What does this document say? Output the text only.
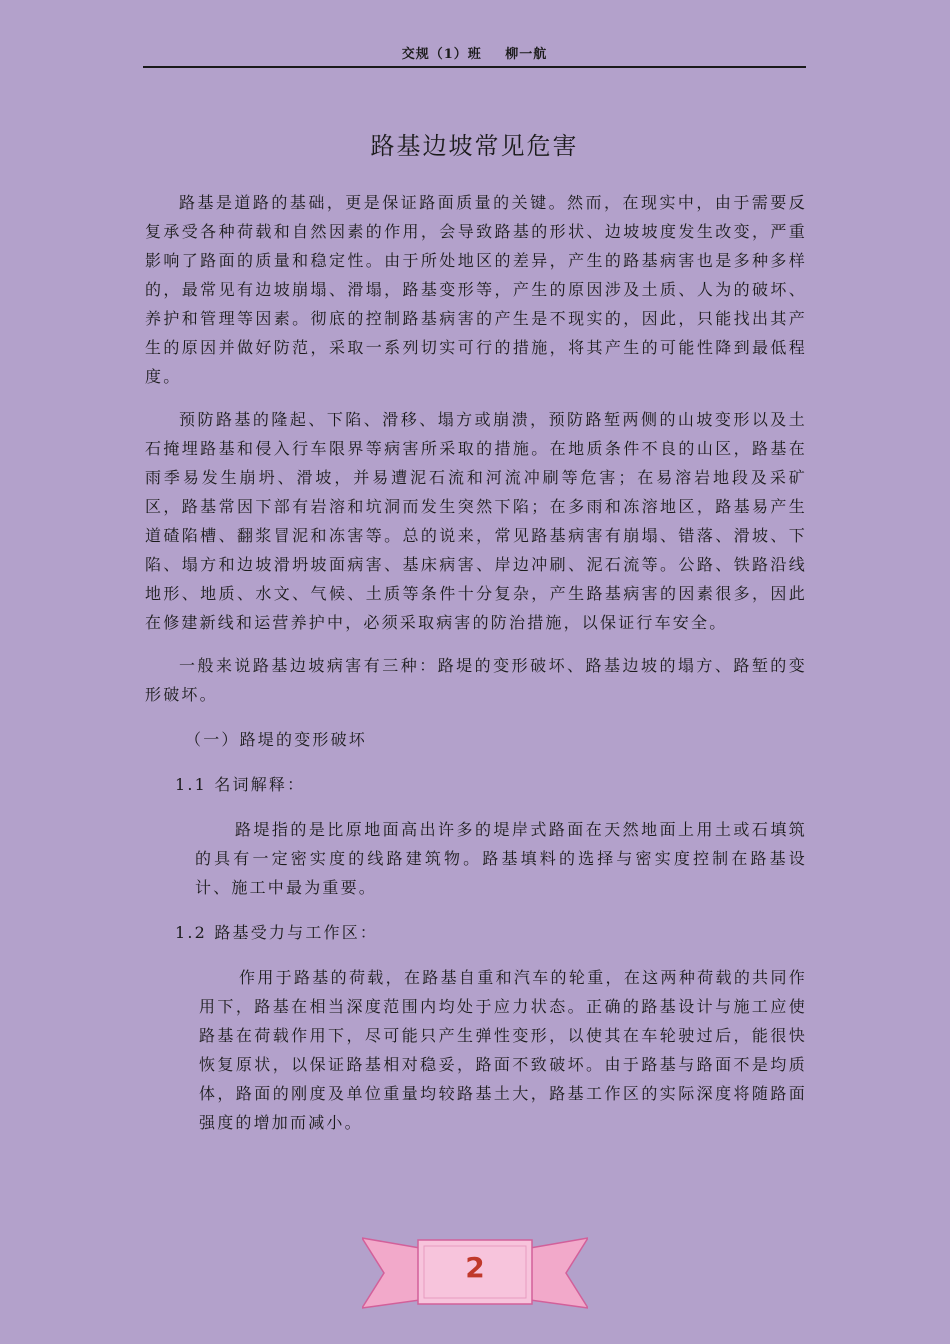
交规（1）班 柳一航
路基边坡常见危害

路基是道路的基础，更是保证路面质量的关键。然而，在现实中，由于需要反复承受各种荷载和自然因素的作用，会导致路基的形状、边坡坡度发生改变，严重影响了路面的质量和稳定性。由于所处地区的差异，产生的路基病害也是多种多样的，最常见有边坡崩塌、滑塌，路基变形等，产生的原因涉及土质、人为的破坏、养护和管理等因素。彻底的控制路基病害的产生是不现实的，因此，只能找出其产生的原因并做好防范，采取一系列切实可行的措施，将其产生的可能性降到最低程度。

预防路基的隆起、下陷、滑移、塌方或崩溃，预防路堑两侧的山坡变形以及土石掩埋路基和侵入行车限界等病害所采取的措施。在地质条件不良的山区，路基在雨季易发生崩坍、滑坡，并易遭泥石流和河流冲刷等危害；在易溶岩地段及采矿区，路基常因下部有岩溶和坑洞而发生突然下陷；在多雨和冻溶地区，路基易产生道碴陷槽、翻浆冒泥和冻害等。总的说来，常见路基病害有崩塌、错落、滑坡、下陷、塌方和边坡滑坍坡面病害、基床病害、岸边冲刷、泥石流等。公路、铁路沿线地形、地质、水文、气候、土质等条件十分复杂，产生路基病害的因素很多，因此在修建新线和运营养护中，必须采取病害的防治措施，以保证行车安全。

一般来说路基边坡病害有三种：路堤的变形破坏、路基边坡的塌方、路堑的变形破坏。

（一）路堤的变形破坏

1.1 名词解释：

路堤指的是比原地面高出许多的堤岸式路面在天然地面上用土或石填筑的具有一定密实度的线路建筑物。路基填料的选择与密实度控制在路基设计、施工中最为重要。

1.2 路基受力与工作区：

作用于路基的荷载，在路基自重和汽车的轮重，在这两种荷载的共同作用下，路基在相当深度范围内均处于应力状态。正确的路基设计与施工应使路基在荷载作用下，尽可能只产生弹性变形，以使其在车轮驶过后，能很快恢复原状，以保证路基相对稳妥，路面不致破坏。由于路基与路面不是均质体，路面的刚度及单位重量均较路基土大，路基工作区的实际深度将随路面强度的增加而减小。

2
